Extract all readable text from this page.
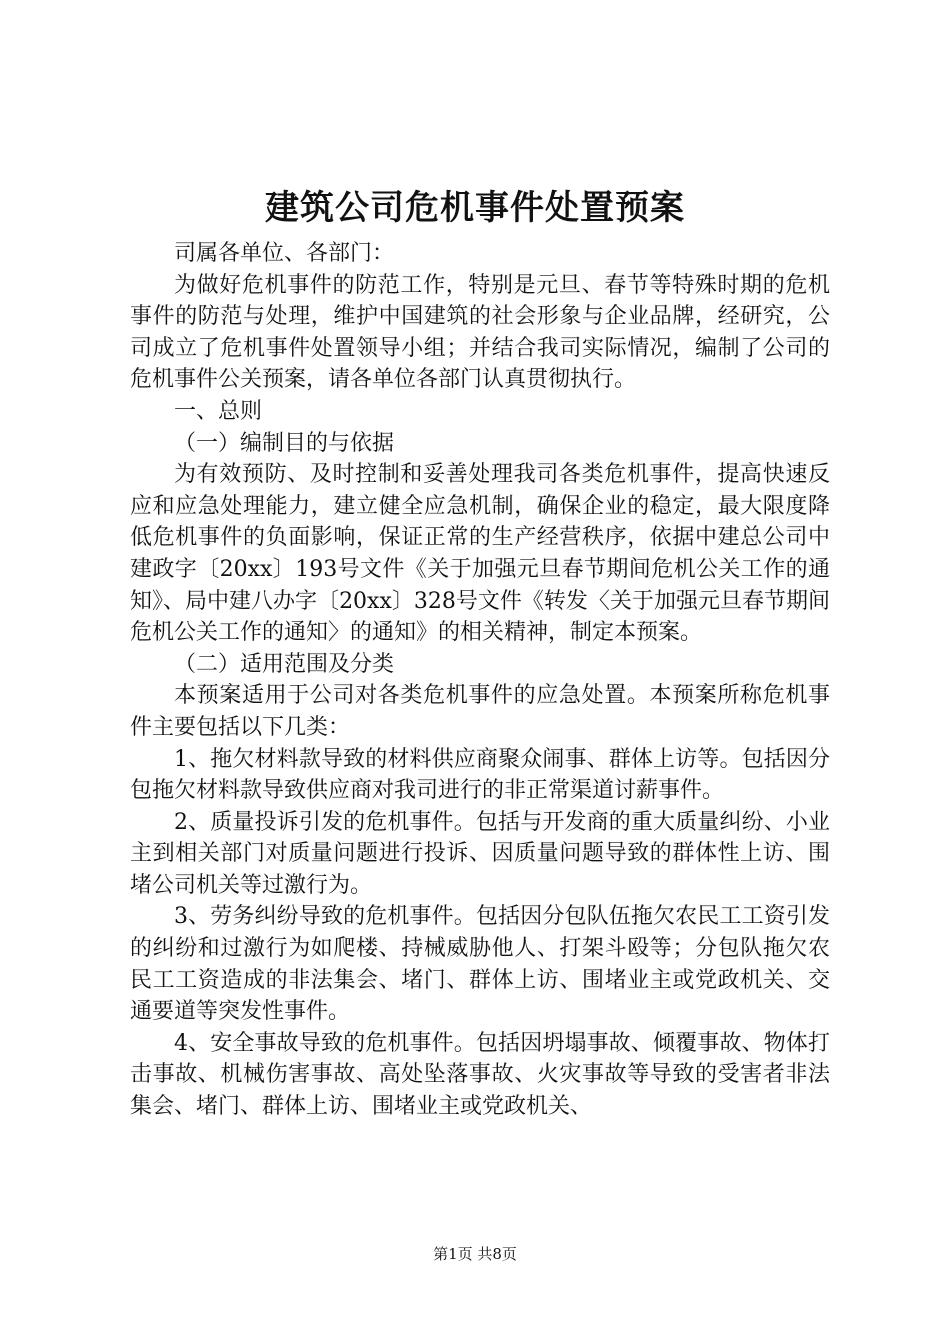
建筑公司危机事件处置预案

司属各单位、各部门：

为做好危机事件的防范工作，特别是元旦、春节等特殊时期的危机事件的防范与处理，维护中国建筑的社会形象与企业品牌，经研究，公司成立了危机事件处置领导小组；并结合我司实际情况，编制了公司的危机事件公关预案，请各单位各部门认真贯彻执行。

一、总则

（一）编制目的与依据

为有效预防、及时控制和妥善处理我司各类危机事件，提高快速反应和应急处理能力，建立健全应急机制，确保企业的稳定，最大限度降低危机事件的负面影响，保证正常的生产经营秩序，依据中建总公司中建政字〔20xx〕193号文件《关于加强元旦春节期间危机公关工作的通知》、局中建八办字〔20xx〕328号文件《转发〈关于加强元旦春节期间危机公关工作的通知〉的通知》的相关精神，制定本预案。

（二）适用范围及分类

本预案适用于公司对各类危机事件的应急处置。本预案所称危机事件主要包括以下几类：

1、拖欠材料款导致的材料供应商聚众闹事、群体上访等。包括因分包拖欠材料款导致供应商对我司进行的非正常渠道讨薪事件。

2、质量投诉引发的危机事件。包括与开发商的重大质量纠纷、小业主到相关部门对质量问题进行投诉、因质量问题导致的群体性上访、围堵公司机关等过激行为。

3、劳务纠纷导致的危机事件。包括因分包队伍拖欠农民工工资引发的纠纷和过激行为如爬楼、持械威胁他人、打架斗殴等；分包队拖欠农民工工资造成的非法集会、堵门、群体上访、围堵业主或党政机关、交通要道等突发性事件。

4、安全事故导致的危机事件。包括因坍塌事故、倾覆事故、物体打击事故、机械伤害事故、高处坠落事故、火灾事故等导致的受害者非法集会、堵门、群体上访、围堵业主或党政机关、

第1页 共8页
